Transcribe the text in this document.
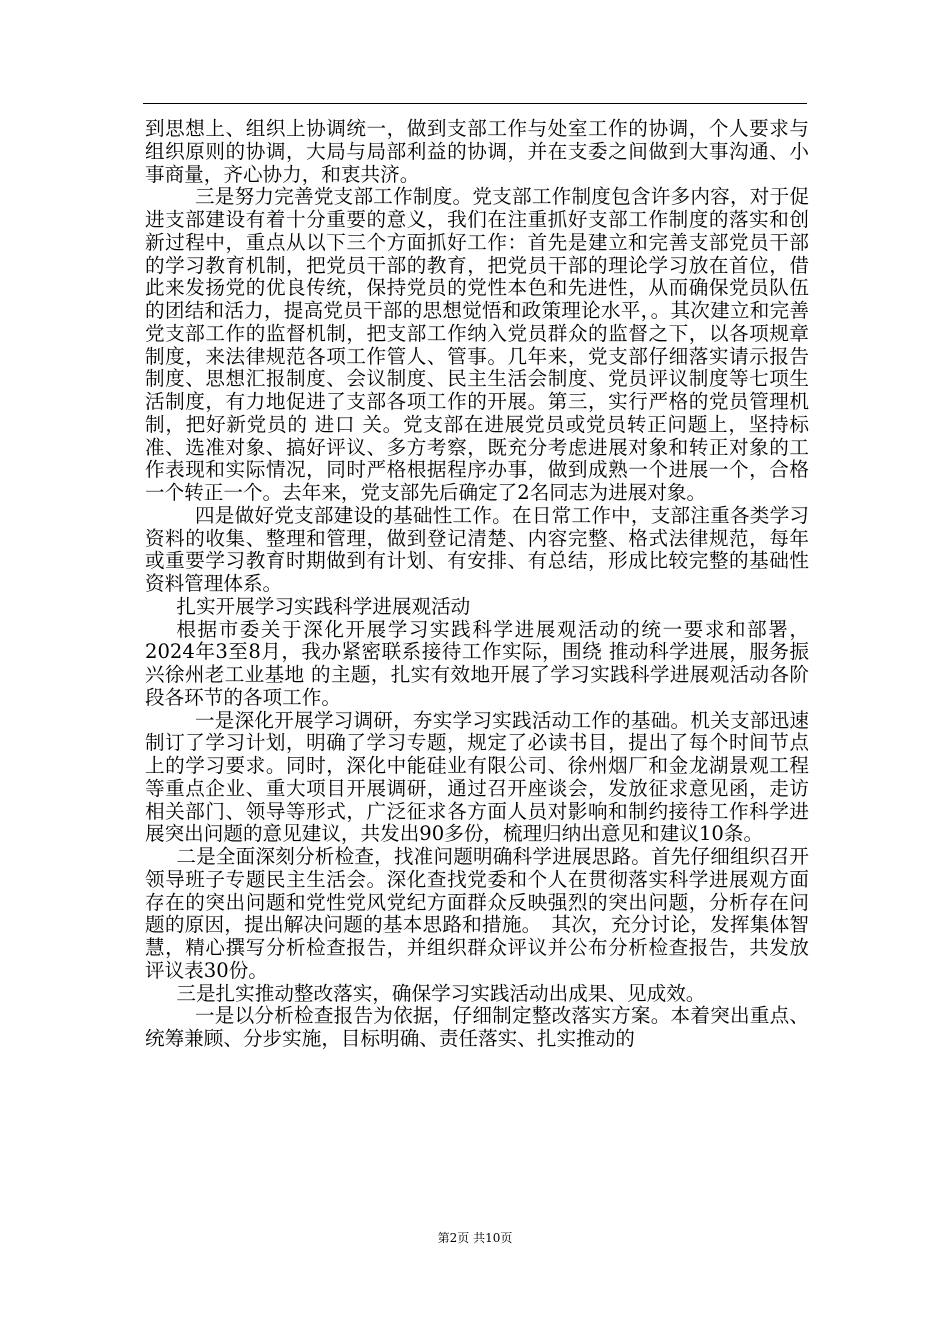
到思想上、组织上协调统一，做到支部工作与处室工作的协调，个人要求与组织原则的协调，大局与局部利益的协调，并在支委之间做到大事沟通、小事商量，齐心协力，和衷共济。

三是努力完善党支部工作制度。党支部工作制度包含许多内容，对于促进支部建设有着十分重要的意义，我们在注重抓好支部工作制度的落实和创新过程中，重点从以下三个方面抓好工作：首先是建立和完善支部党员干部的学习教育机制，把党员干部的教育，把党员干部的理论学习放在首位，借此来发扬党的优良传统，保持党员的党性本色和先进性，从而确保党员队伍的团结和活力，提高党员干部的思想觉悟和政策理论水平，。其次建立和完善党支部工作的监督机制，把支部工作纳入党员群众的监督之下，以各项规章制度，来法律规范各项工作管人、管事。几年来，党支部仔细落实请示报告制度、思想汇报制度、会议制度、民主生活会制度、党员评议制度等七项生活制度，有力地促进了支部各项工作的开展。第三，实行严格的党员管理机制，把好新党员的 进口 关。党支部在进展党员或党员转正问题上，坚持标准、选准对象、搞好评议、多方考察，既充分考虑进展对象和转正对象的工作表现和实际情况，同时严格根据程序办事，做到成熟一个进展一个，合格一个转正一个。去年来，党支部先后确定了2名同志为进展对象。

四是做好党支部建设的基础性工作。在日常工作中，支部注重各类学习资料的收集、整理和管理，做到登记清楚、内容完整、格式法律规范，每年或重要学习教育时期做到有计划、有安排、有总结，形成比较完整的基础性资料管理体系。

扎实开展学习实践科学进展观活动

根据市委关于深化开展学习实践科学进展观活动的统一要求和部署，2024年3至8月，我办紧密联系接待工作实际，围绕 推动科学进展，服务振兴徐州老工业基地 的主题，扎实有效地开展了学习实践科学进展观活动各阶段各环节的各项工作。

一是深化开展学习调研，夯实学习实践活动工作的基础。机关支部迅速制订了学习计划，明确了学习专题，规定了必读书目，提出了每个时间节点上的学习要求。同时，深化中能硅业有限公司、徐州烟厂和金龙湖景观工程等重点企业、重大项目开展调研，通过召开座谈会，发放征求意见函，走访相关部门、领导等形式，广泛征求各方面人员对影响和制约接待工作科学进展突出问题的意见建议，共发出90多份，梳理归纳出意见和建议10条。

二是全面深刻分析检查，找准问题明确科学进展思路。首先仔细组织召开领导班子专题民主生活会。深化查找党委和个人在贯彻落实科学进展观方面存在的突出问题和党性党风党纪方面群众反映强烈的突出问题，分析存在问题的原因，提出解决问题的基本思路和措施。　其次，充分讨论，发挥集体智慧，精心撰写分析检查报告，并组织群众评议并公布分析检查报告，共发放评议表30份。

三是扎实推动整改落实，确保学习实践活动出成果、见成效。

一是以分析检查报告为依据，仔细制定整改落实方案。本着突出重点、统筹兼顾、分步实施，目标明确、责任落实、扎实推动的

第2页 共10页
